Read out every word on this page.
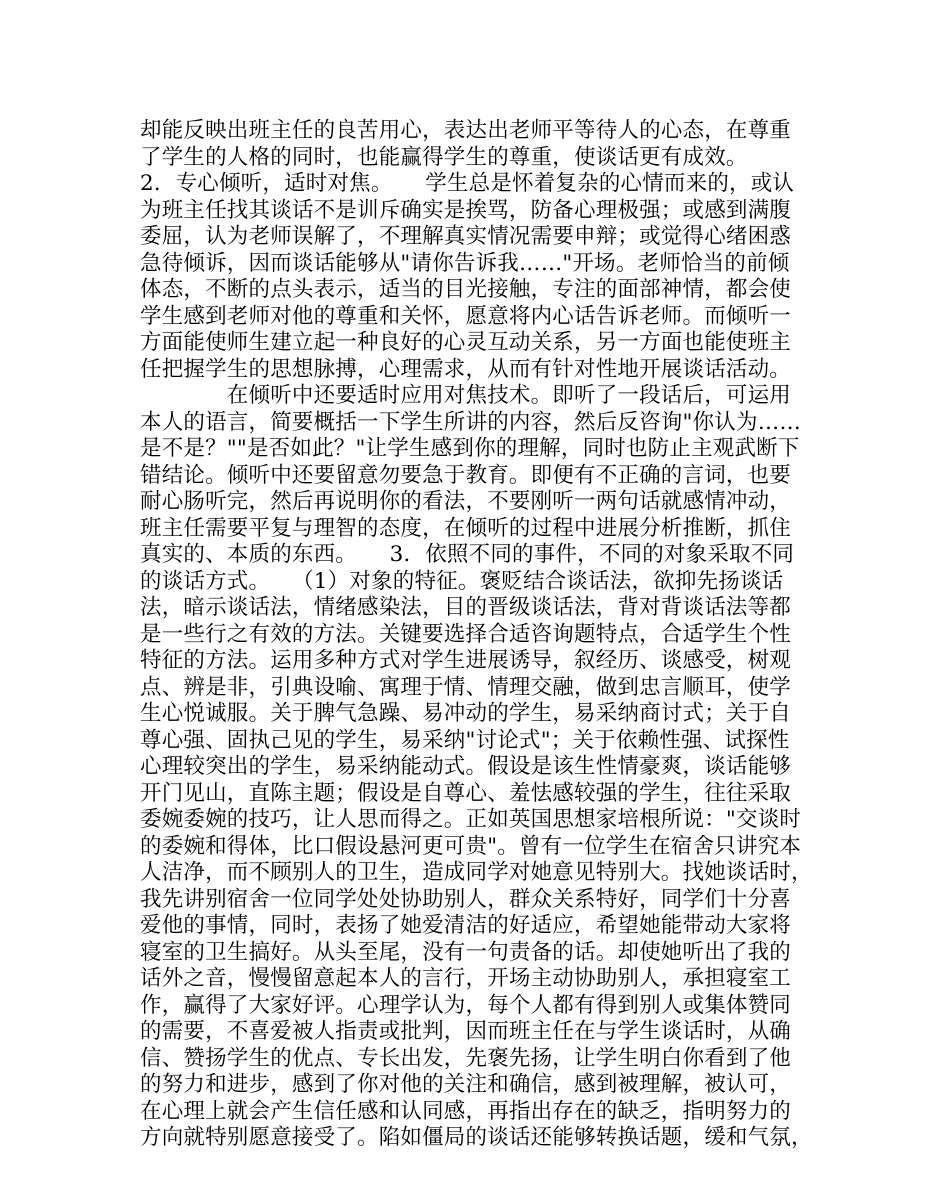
却能反映出班主任的良苦用心，表达出老师平等待人的心态，在尊重
了学生的人格的同时，也能赢得学生的尊重，使谈话更有成效。
2．专心倾听，适时对焦。　　学生总是怀着复杂的心情而来的，或认
为班主任找其谈话不是训斥确实是挨骂，防备心理极强；或感到满腹
委屈，认为老师误解了，不理解真实情况需要申辩；或觉得心绪困惑
急待倾诉，因而谈话能够从"请你告诉我……"开场。老师恰当的前倾
体态，不断的点头表示，适当的目光接触，专注的面部神情，都会使
学生感到老师对他的尊重和关怀，愿意将内心话告诉老师。而倾听一
方面能使师生建立起一种良好的心灵互动关系，另一方面也能使班主
任把握学生的思想脉搏，心理需求，从而有针对性地开展谈话活动。
　　　　在倾听中还要适时应用对焦技术。即听了一段话后，可运用
本人的语言，简要概括一下学生所讲的内容，然后反咨询"你认为……
是不是？""是否如此？"让学生感到你的理解，同时也防止主观武断下
错结论。倾听中还要留意勿要急于教育。即便有不正确的言词，也要
耐心肠听完，然后再说明你的看法，不要刚听一两句话就感情冲动，
班主任需要平复与理智的态度，在倾听的过程中进展分析推断，抓住
真实的、本质的东西。　　3．依照不同的事件，不同的对象采取不同
的谈话方式。　　（1）对象的特征。褒贬结合谈话法，欲抑先扬谈话
法，暗示谈话法，情绪感染法，目的晋级谈话法，背对背谈话法等都
是一些行之有效的方法。关键要选择合适咨询题特点，合适学生个性
特征的方法。运用多种方式对学生进展诱导，叙经历、谈感受，树观
点、辨是非，引典设喻、寓理于情、情理交融，做到忠言顺耳，使学
生心悦诚服。关于脾气急躁、易冲动的学生，易采纳商讨式；关于自
尊心强、固执己见的学生，易采纳"讨论式"；关于依赖性强、试探性
心理较突出的学生，易采纳能动式。假设是该生性情豪爽，谈话能够
开门见山，直陈主题；假设是自尊心、羞怯感较强的学生，往往采取
委婉委婉的技巧，让人思而得之。正如英国思想家培根所说："交谈时
的委婉和得体，比口假设悬河更可贵"。曾有一位学生在宿舍只讲究本
人洁净，而不顾别人的卫生，造成同学对她意见特别大。找她谈话时，
我先讲别宿舍一位同学处处协助别人，群众关系特好，同学们十分喜
爱他的事情，同时，表扬了她爱清洁的好适应，希望她能带动大家将
寝室的卫生搞好。从头至尾，没有一句责备的话。却使她听出了我的
话外之音，慢慢留意起本人的言行，开场主动协助别人，承担寝室工
作，赢得了大家好评。心理学认为，每个人都有得到别人或集体赞同
的需要，不喜爱被人指责或批判，因而班主任在与学生谈话时，从确
信、赞扬学生的优点、专长出发，先褒先扬，让学生明白你看到了他
的努力和进步，感到了你对他的关注和确信，感到被理解，被认可，
在心理上就会产生信任感和认同感，再指出存在的缺乏，指明努力的
方向就特别愿意接受了。陷如僵局的谈话还能够转换话题，缓和气氛，
